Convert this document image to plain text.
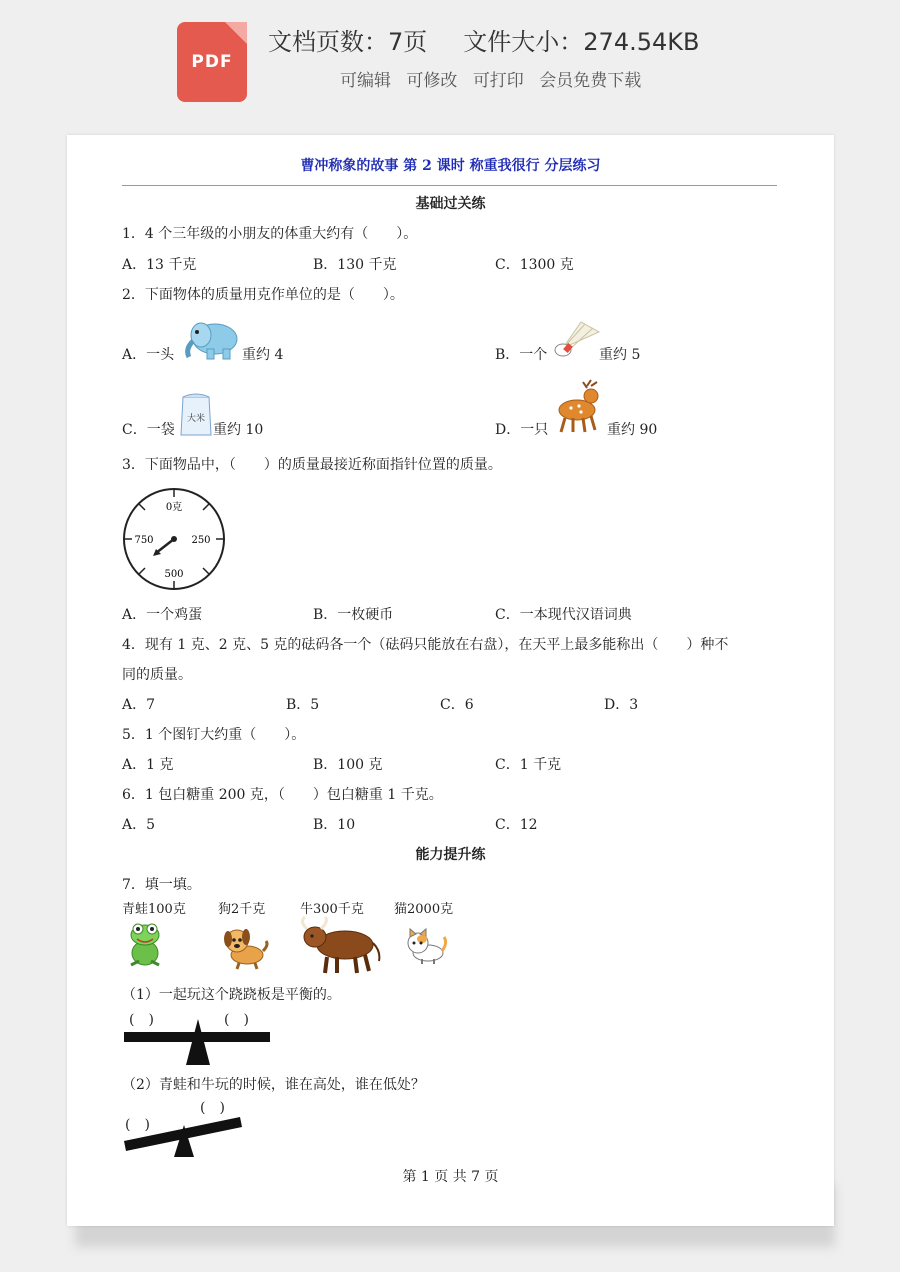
PDF
文档页数：7页 文件大小：274.54KB
可编辑 可修改 可打印 会员免费下载
曹冲称象的故事 第 2 课时 称重我很行 分层练习
基础过关练
1．4 个三年级的小朋友的体重大约有（　　）。
A．13 千克	B．130 千克	C．1300 克
2．下面物体的质量用克作单位的是（　　）。
A．一头	重约 4	B．一个	重约 5
C．一袋
大米
重约 10	D．一只	重约 90
3．下面物品中，（　　）的质量最接近称面指针位置的质量。
0克
250
500
750
A．一个鸡蛋	B．一枚硬币	C．一本现代汉语词典
4．现有 1 克、2 克、5 克的砝码各一个（砝码只能放在右盘），在天平上最多能称出（　　）种不
同的质量。
A．7	B．5	C．6	D．3
5．1 个图钉大约重（　　）。
A．1 克	B．100 克	C．1 千克
6．1 包白糖重 200 克，（　　）包白糖重 1 千克。
A．5	B．10	C．12
能力提升练
7．填一填。
青蛙100克 狗2千克	牛300千克 猫2000克
（1）一起玩这个跷跷板是平衡的。
(　)	(　)
（2）青蛙和牛玩的时候，谁在高处，谁在低处？
(　)
(　)
第 1 页 共 7 页
